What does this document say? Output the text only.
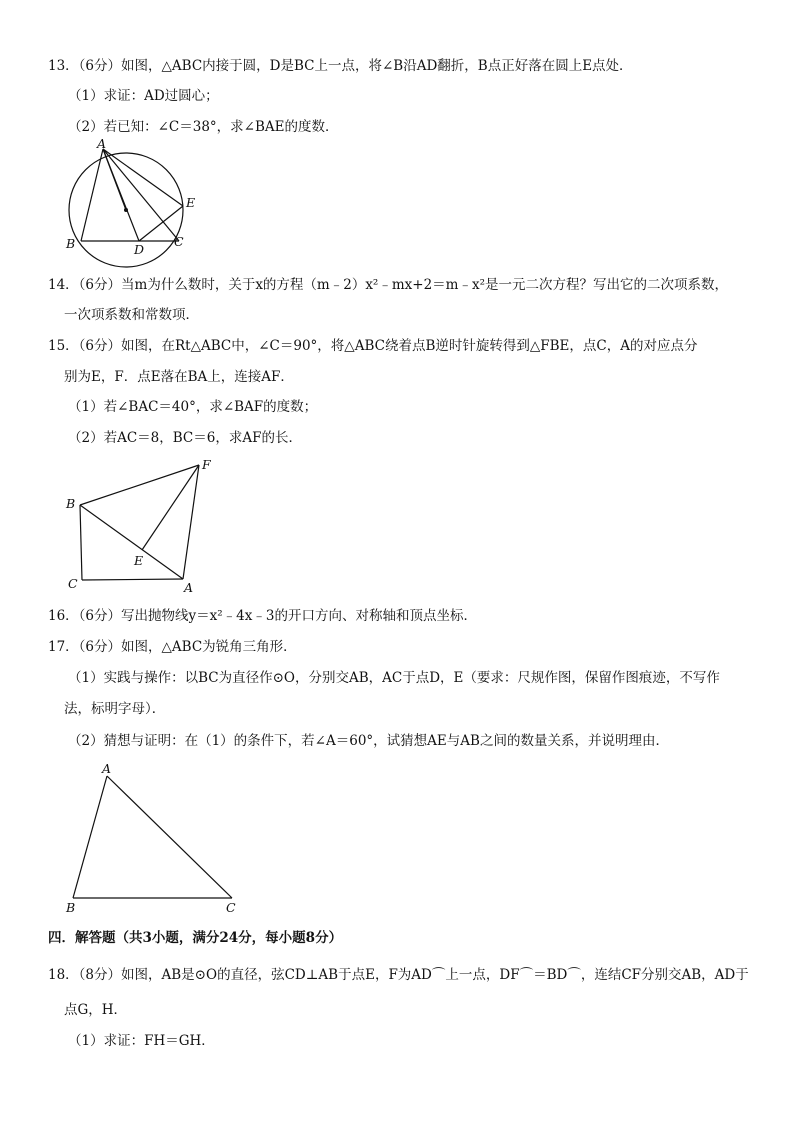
13．（6分）如图，△ABC内接于圆，D是BC上一点，将∠B沿AD翻折，B点正好落在圆上E点处．
（1）求证：AD过圆心；
（2）若已知：∠C＝38°，求∠BAE的度数．
A
B	C
D
E
14．（6分）当m为什么数时，关于x的方程（m﹣2）x²﹣mx+2＝m﹣x²是一元二次方程？写出它的二次项系数，
一次项系数和常数项．
15．（6分）如图，在Rt△ABC中，∠C＝90°，将△ABC绕着点B逆时针旋转得到△FBE，点C，A的对应点分
别为E，F．点E落在BA上，连接AF．
（1）若∠BAC＝40°，求∠BAF的度数；
（2）若AC＝8，BC＝6，求AF的长．
F
B
E
C	A
16．（6分）写出抛物线y＝x²﹣4x﹣3的开口方向、对称轴和顶点坐标．
17．（6分）如图，△ABC为锐角三角形．
（1）实践与操作：以BC为直径作⊙O，分别交AB，AC于点D，E（要求：尺规作图，保留作图痕迹，不写作
法，标明字母）．
（2）猜想与证明：在（1）的条件下，若∠A＝60°，试猜想AE与AB之间的数量关系，并说明理由．
A
B	C
四．解答题（共3小题，满分24分，每小题8分）
18．（8分）如图，AB是⊙O的直径，弦CD⊥AB于点E，F为AD⌒上一点，DF⌒＝BD⌒，连结CF分别交AB，AD于
点G，H．
（1）求证：FH＝GH．
